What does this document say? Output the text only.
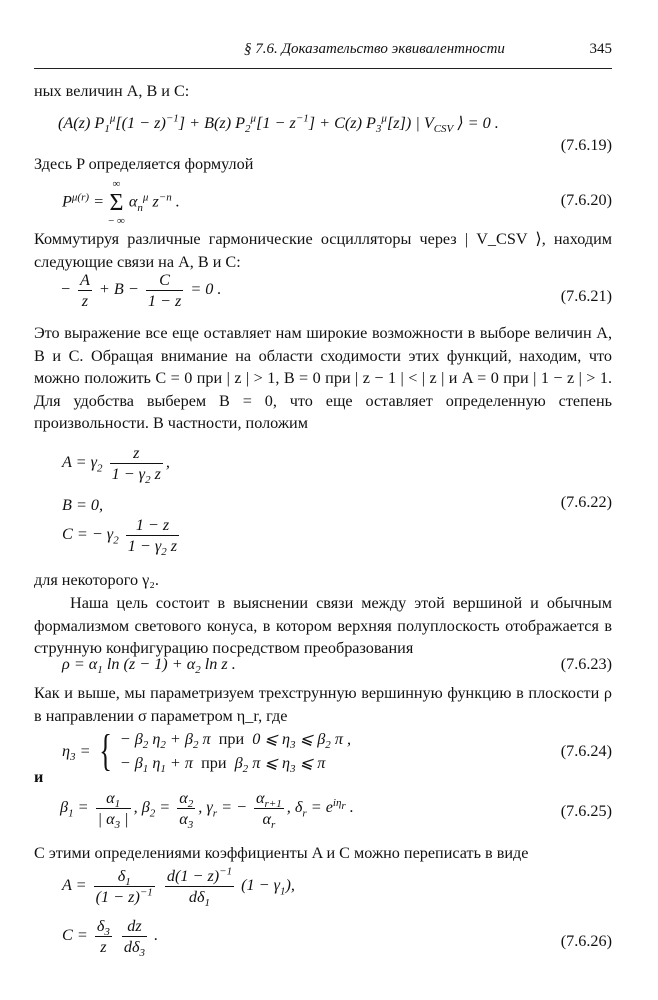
§ 7.6. Доказательство эквивалентности	345
ных величин A, B и C:
(A(z) $P_1^\mu[(1 - z)^{-1}] + B(z) P_2^\mu[1 - z^{-1}] + C(z)$ $P_3^\mu[z]$) | $V_{CSV}$ ⟩ = 0 .
(7.6.19)
Здесь P определяется формулой
$P^{\mu(r)}$ =
∞
Σ
− ∞
$\alpha_n^\mu$ $z^{-n}$ .	(7.6.20)
Коммутируя различные гармонические осцилляторы через | V_CSV ⟩, находим следующие связи на A, B и C:
− $\frac{A}{z} + B - \frac{C}{1 - z} = 0$ .	(7.6.21)
Это выражение все еще оставляет нам широкие возможности в выборе величин A, B и C. Обращая внимание на области сходимости этих функций, находим, что можно положить C = 0 при | z | > 1, B = 0 при | z − 1 | < | z | и A = 0 при | 1 − z | > 1. Для удобства выберем B = 0, что еще оставляет определенную степень произвольности. В частности, положим
$A = \gamma_2 \frac{z}{1 - \gamma_2 z}$ ,
B = 0,
C = − $\gamma_2 \frac{1 - z}{1 - \gamma_2 z}$
(7.6.22)
для некоторого γ₂.
Наша цель состоит в выяснении связи между этой вершиной и обычным формализмом светового конуса, в котором верхняя полуплоскость отображается в струнную конфигурацию посредством преобразования
$\rho = \alpha_1$ $\ln (z - 1) + \alpha_2$ ln z .	(7.6.23)
Как и выше, мы параметризуем трехструнную вершинную функцию в плоскости ρ в направлении σ параметром η_r, где
$\eta_3$ = { − $\beta_2$ $\eta_2 + \beta_2$ π  при  0 ⩽ $\eta_3$ ⩽ $\beta_2$ π ,
− $\beta_1$ $\eta_1 + \pi$  при  $\beta_2$ π ⩽ $\eta_3$ ⩽ π
(7.6.24)
и
$\beta_1 = \frac{\alpha_1}{| \alpha_3 |}$ , $\beta_2 = \frac{\alpha_2}{\alpha_3}$ , $\gamma_r$ = − $\frac{\alpha_{r+1}}{\alpha_r}$ , $\delta_r = e^{i\eta_r}$ .	(7.6.25)
С этими определениями коэффициенты A и C можно переписать в виде
$A = \frac{\delta_1}{(1 - z)^{-1}}$
$\frac{d(1 - z)^{-1}}{d\delta_1} (1 - \gamma_1)$,
$C = \frac{\delta_3}{z}$
$\frac{dz}{d\delta_3}$ .	(7.6.26)
